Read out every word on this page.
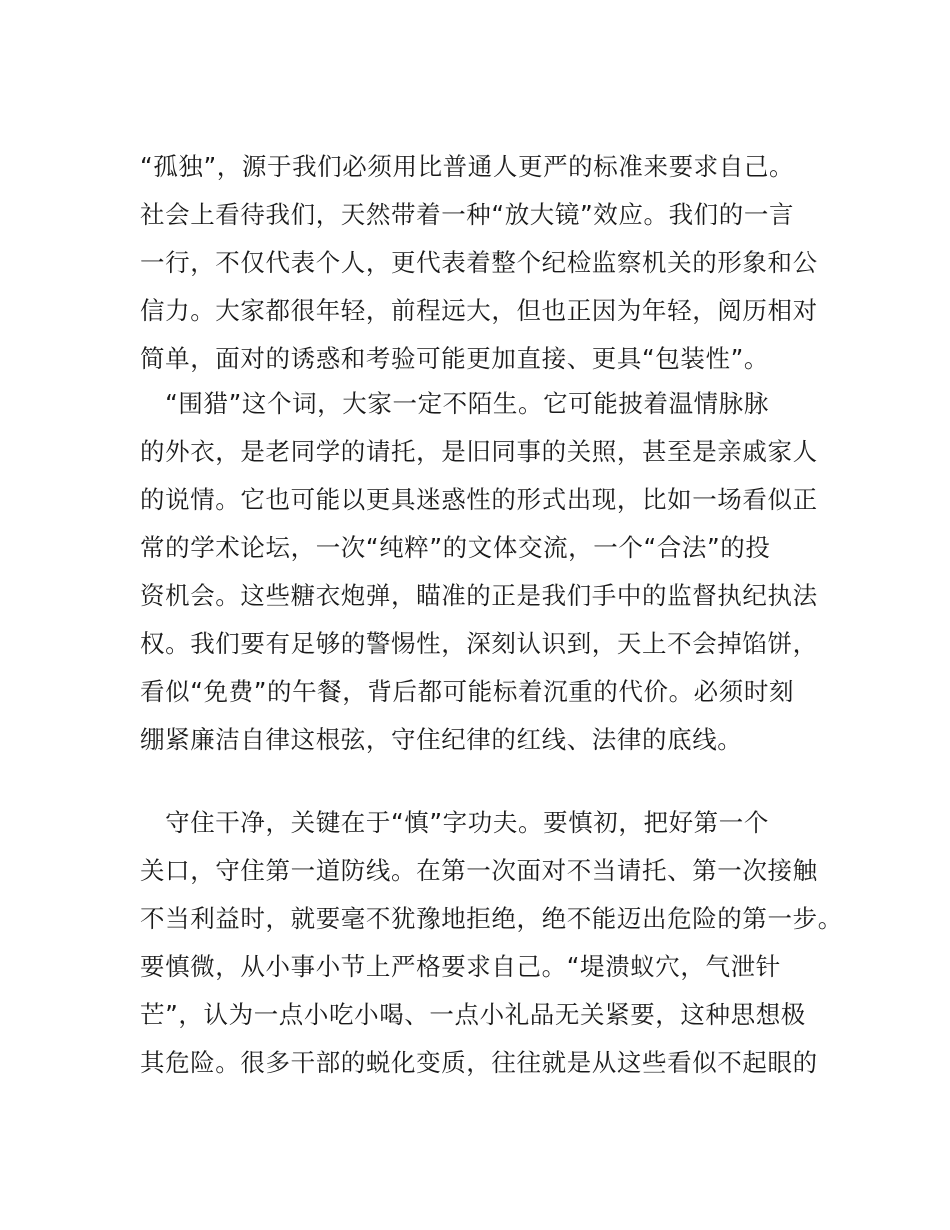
“孤独”，源于我们必须用比普通人更严的标准来要求自己。
社会上看待我们，天然带着一种“放大镜”效应。我们的一言
一行，不仅代表个人，更代表着整个纪检监察机关的形象和公
信力。大家都很年轻，前程远大，但也正因为年轻，阅历相对
简单，面对的诱惑和考验可能更加直接、更具“包装性”。
　“围猎”这个词，大家一定不陌生。它可能披着温情脉脉
的外衣，是老同学的请托，是旧同事的关照，甚至是亲戚家人
的说情。它也可能以更具迷惑性的形式出现，比如一场看似正
常的学术论坛，一次“纯粹”的文体交流，一个“合法”的投
资机会。这些糖衣炮弹，瞄准的正是我们手中的监督执纪执法
权。我们要有足够的警惕性，深刻认识到，天上不会掉馅饼，
看似“免费”的午餐，背后都可能标着沉重的代价。必须时刻
绷紧廉洁自律这根弦，守住纪律的红线、法律的底线。
　守住干净，关键在于“慎”字功夫。要慎初，把好第一个
关口，守住第一道防线。在第一次面对不当请托、第一次接触
不当利益时，就要毫不犹豫地拒绝，绝不能迈出危险的第一步。
要慎微，从小事小节上严格要求自己。“堤溃蚁穴，气泄针
芒”，认为一点小吃小喝、一点小礼品无关紧要，这种思想极
其危险。很多干部的蜕化变质，往往就是从这些看似不起眼的
